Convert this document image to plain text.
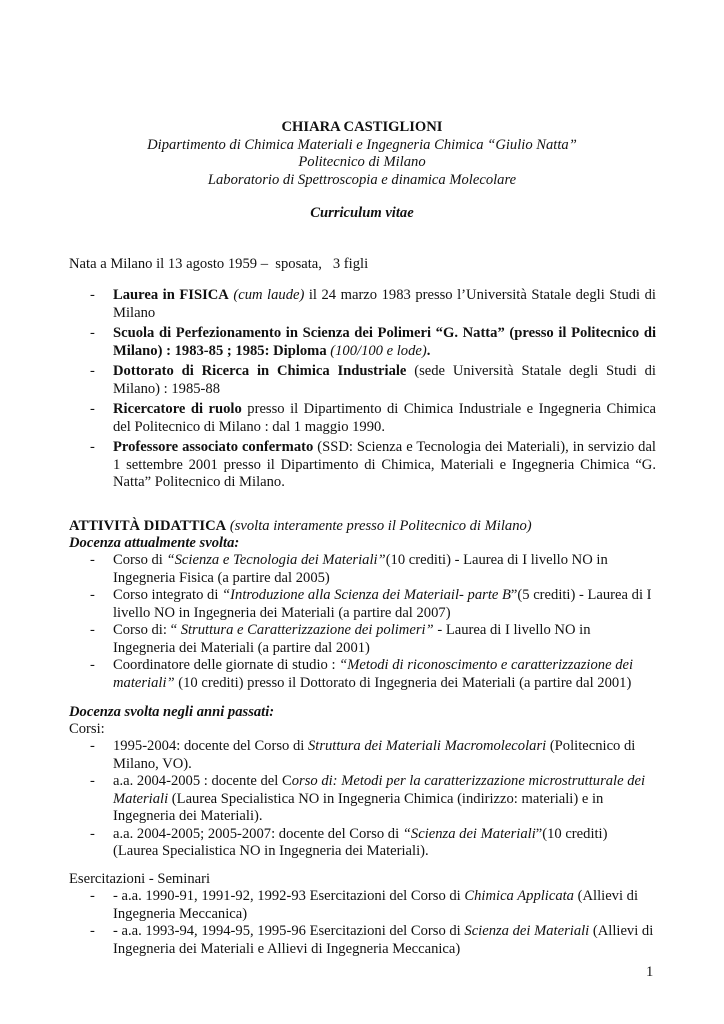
CHIARA CASTIGLIONI
Dipartimento di Chimica Materiali e Ingegneria Chimica “Giulio Natta”
Politecnico di Milano
Laboratorio di Spettroscopia e dinamica Molecolare
Curriculum vitae
Nata a Milano il 13 agosto 1959 –  sposata,   3 figli
- Laurea in FISICA (cum laude) il 24 marzo 1983 presso l’Università Statale degli Studi di Milano
- Scuola di Perfezionamento in Scienza dei Polimeri “G. Natta” (presso il Politecnico di Milano) : 1983-85 ; 1985: Diploma (100/100 e lode).
- Dottorato di Ricerca in Chimica Industriale (sede Università Statale degli Studi di Milano) : 1985-88
- Ricercatore di ruolo presso il Dipartimento di Chimica Industriale e Ingegneria Chimica del Politecnico di Milano : dal 1 maggio 1990.
- Professore associato confermato (SSD: Scienza e Tecnologia dei Materiali), in servizio dal 1 settembre 2001 presso il Dipartimento di Chimica, Materiali e Ingegneria Chimica “G. Natta” Politecnico di Milano.
ATTIVITÀ DIDATTICA (svolta interamente presso il Politecnico di Milano)
Docenza attualmente svolta:
- Corso di “Scienza e Tecnologia dei Materiali”(10 crediti) - Laurea di I livello NO in Ingegneria Fisica (a partire dal 2005)
- Corso integrato di “Introduzione alla Scienza dei Materiail- parte B”(5 crediti) - Laurea di I livello NO in Ingegneria dei Materiali (a partire dal 2007)
- Corso di: “ Struttura e Caratterizzazione dei polimeri” - Laurea di I livello NO in Ingegneria dei Materiali (a partire dal 2001)
- Coordinatore delle giornate di studio : “Metodi di riconoscimento e caratterizzazione dei materiali” (10 crediti) presso il Dottorato di Ingegneria dei Materiali (a partire dal 2001)
Docenza svolta negli anni passati:
Corsi:
- 1995-2004: docente del Corso di Struttura dei Materiali Macromolecolari (Politecnico di Milano, VO).
- a.a. 2004-2005 : docente del Corso di: Metodi per la caratterizzazione microstrutturale dei Materiali (Laurea Specialistica NO in Ingegneria Chimica (indirizzo: materiali) e in Ingegneria dei Materiali).
- a.a. 2004-2005; 2005-2007: docente del Corso di “Scienza dei Materiali”(10 crediti) (Laurea Specialistica NO in Ingegneria dei Materiali).
Esercitazioni - Seminari
- - a.a. 1990-91, 1991-92, 1992-93 Esercitazioni del Corso di Chimica Applicata (Allievi di Ingegneria Meccanica)
- - a.a. 1993-94, 1994-95, 1995-96 Esercitazioni del Corso di Scienza dei Materiali (Allievi di Ingegneria dei Materiali e Allievi di Ingegneria Meccanica)
1
